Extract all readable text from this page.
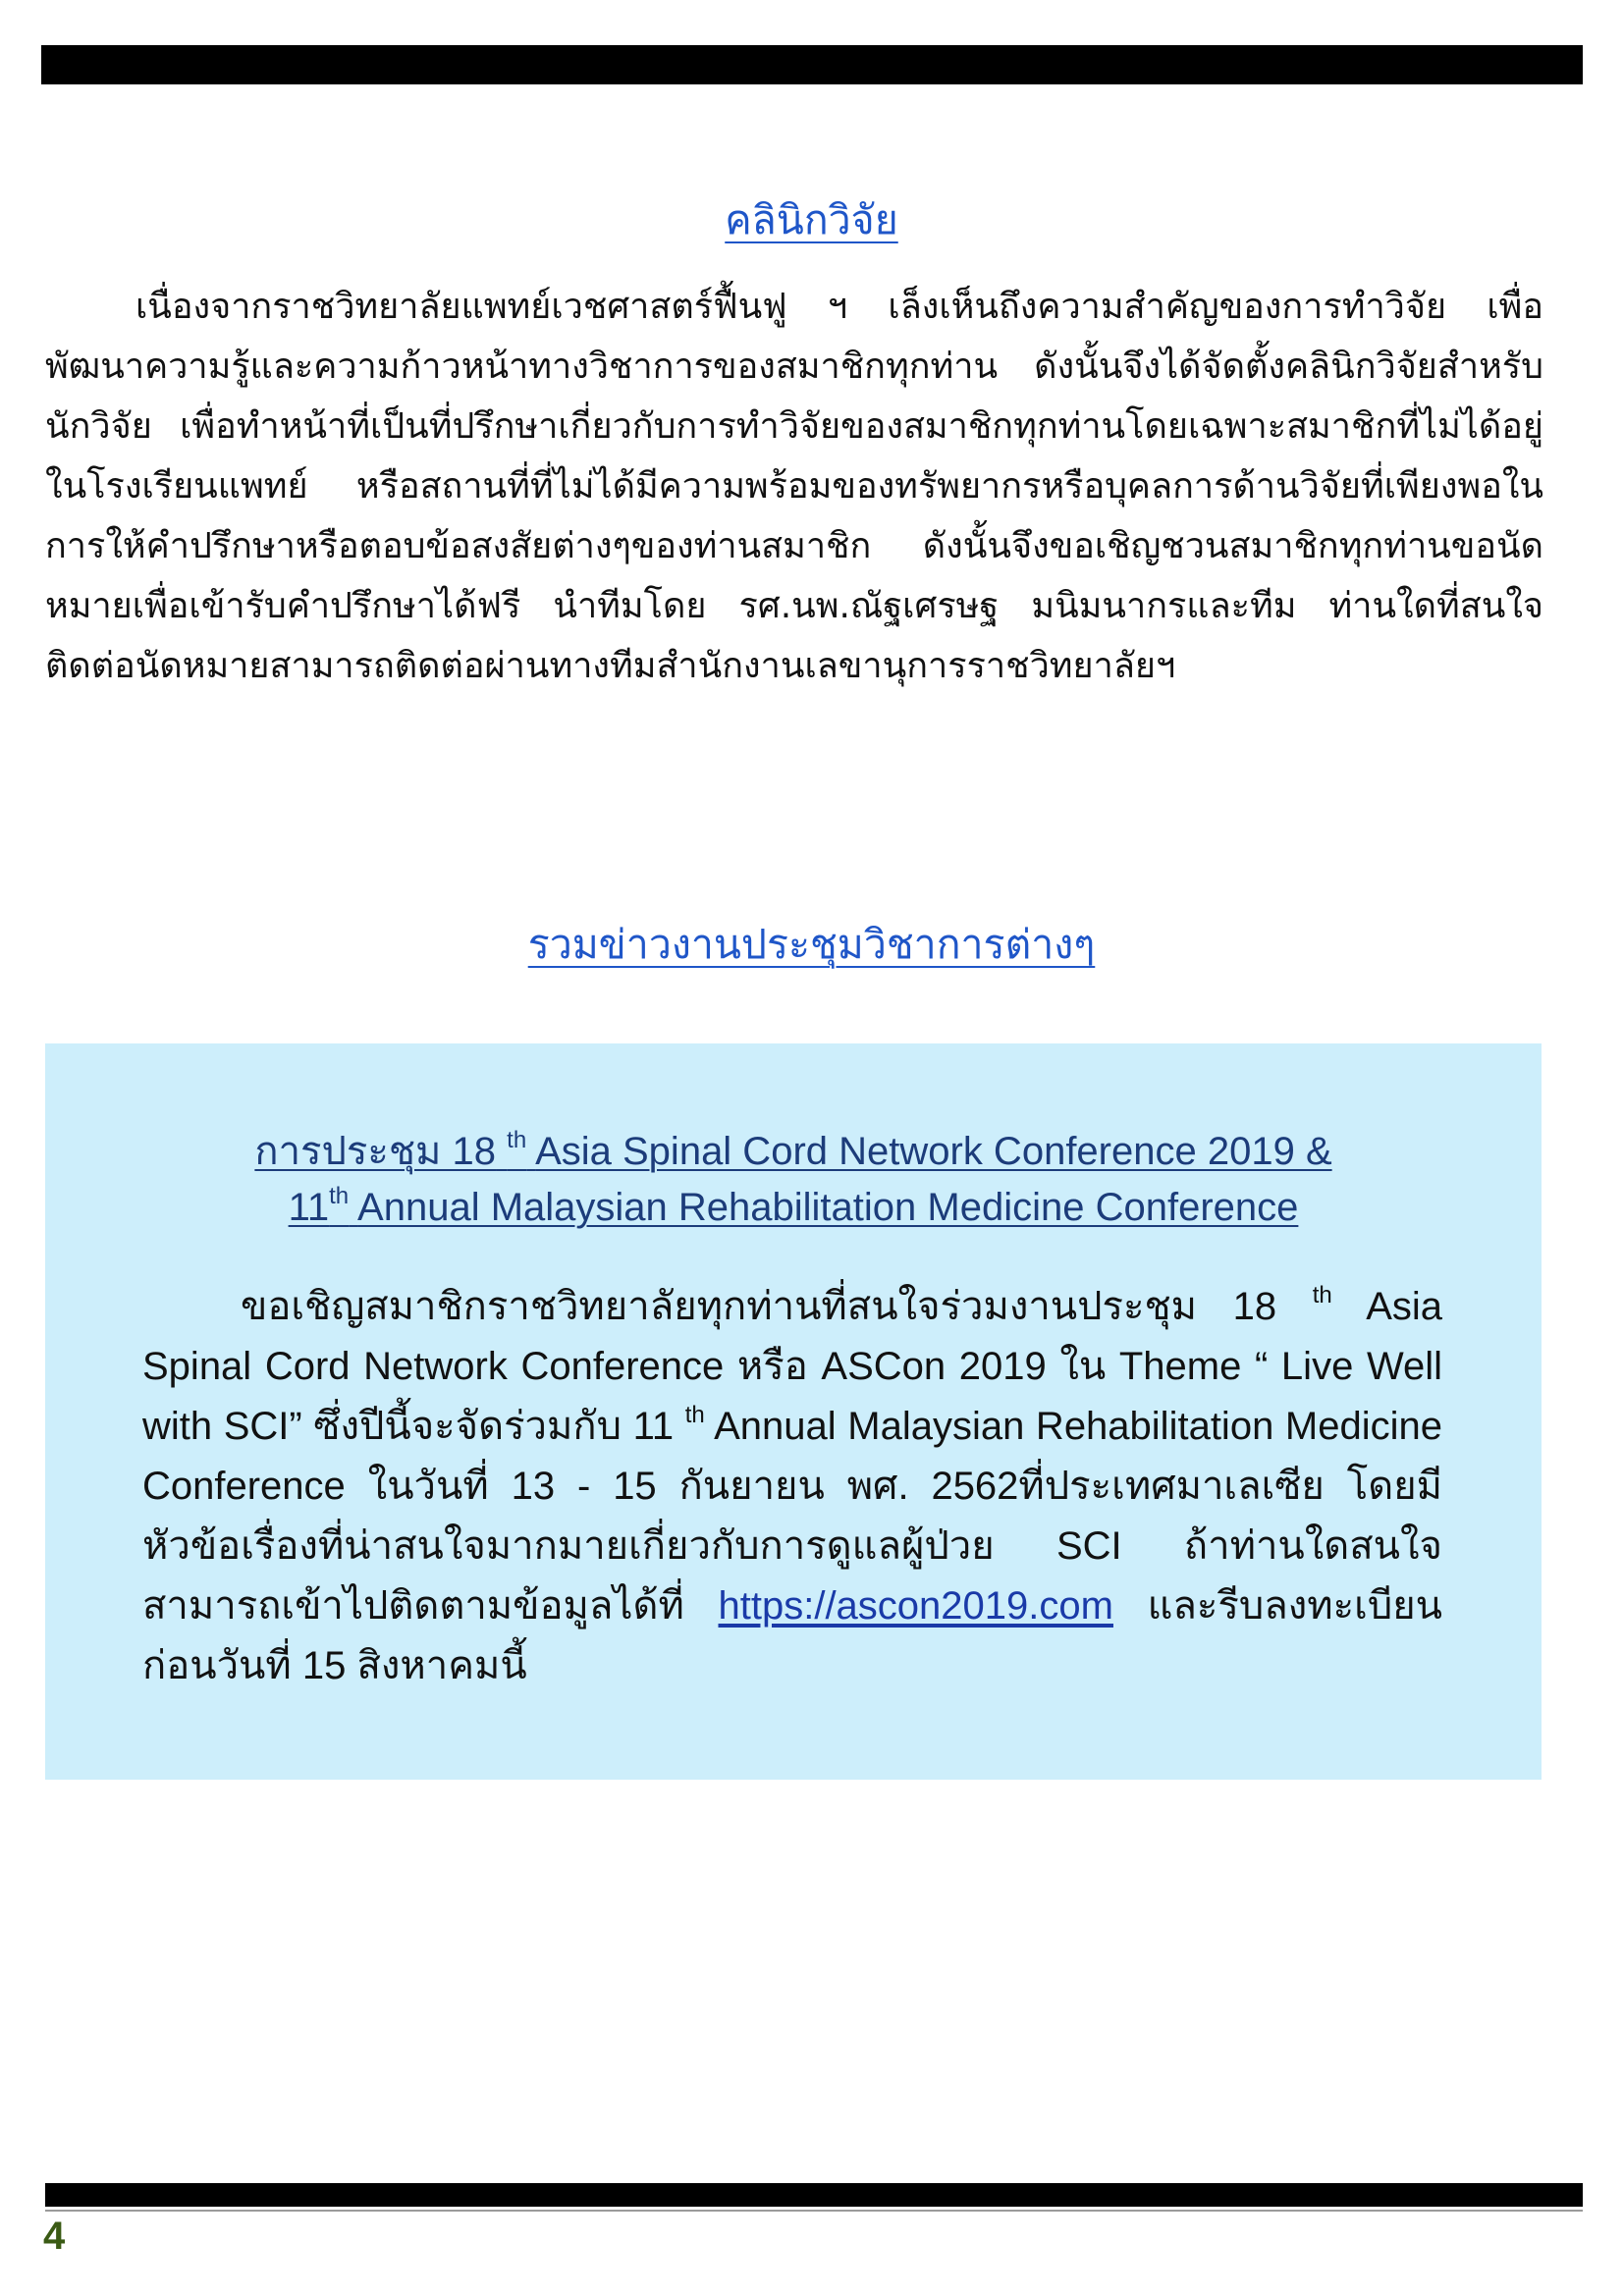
คลินิกวิจัย
เนื่องจากราชวิทยาลัยแพทย์เวชศาสตร์ฟื้นฟู ฯ เล็งเห็นถึงความสำคัญของการทำวิจัย เพื่อพัฒนาความรู้และความก้าวหน้าทางวิชาการของสมาชิกทุกท่าน ดังนั้นจึงได้จัดตั้งคลินิกวิจัยสำหรับนักวิจัย เพื่อทำหน้าที่เป็นที่ปรึกษาเกี่ยวกับการทำวิจัยของสมาชิกทุกท่านโดยเฉพาะสมาชิกที่ไม่ได้อยู่ในโรงเรียนแพทย์ หรือสถานที่ที่ไม่ได้มีความพร้อมของทรัพยากรหรือบุคลการด้านวิจัยที่เพียงพอในการให้คำปรึกษาหรือตอบข้อสงสัยต่างๆของท่านสมาชิก ดังนั้นจึงขอเชิญชวนสมาชิกทุกท่านขอนัดหมายเพื่อเข้ารับคำปรึกษาได้ฟรี นำทีมโดย รศ.นพ.ณัฐเศรษฐ มนิมนากรและทีม ท่านใดที่สนใจติดต่อนัดหมายสามารถติดต่อผ่านทางทีมสำนักงานเลขานุการราชวิทยาลัยฯ
รวมข่าวงานประชุมวิชาการต่างๆ
การประชุม 18 $^{th}$ Asia Spinal Cord Network Conference 2019 &
11th Annual Malaysian Rehabilitation Medicine Conference
ขอเชิญสมาชิกราชวิทยาลัยทุกท่านที่สนใจร่วมงานประชุม 18 $^{th}$ Asia Spinal Cord Network Conference หรือ ASCon 2019 ใน Theme “ Live Well with SCI” ซึ่งปีนี้จะจัดร่วมกับ 11 $^{th}$ Annual Malaysian Rehabilitation Medicine Conference ในวันที่ 13 - 15 กันยายน พศ. 2562ที่ประเทศมาเลเซีย โดยมีหัวข้อเรื่องที่น่าสนใจมากมายเกี่ยวกับการดูแลผู้ป่วย SCI ถ้าท่านใดสนใจสามารถเข้าไปติดตามข้อมูลได้ที่ https://ascon2019.com และรีบลงทะเบียนก่อนวันที่ 15 สิงหาคมนี้
4
